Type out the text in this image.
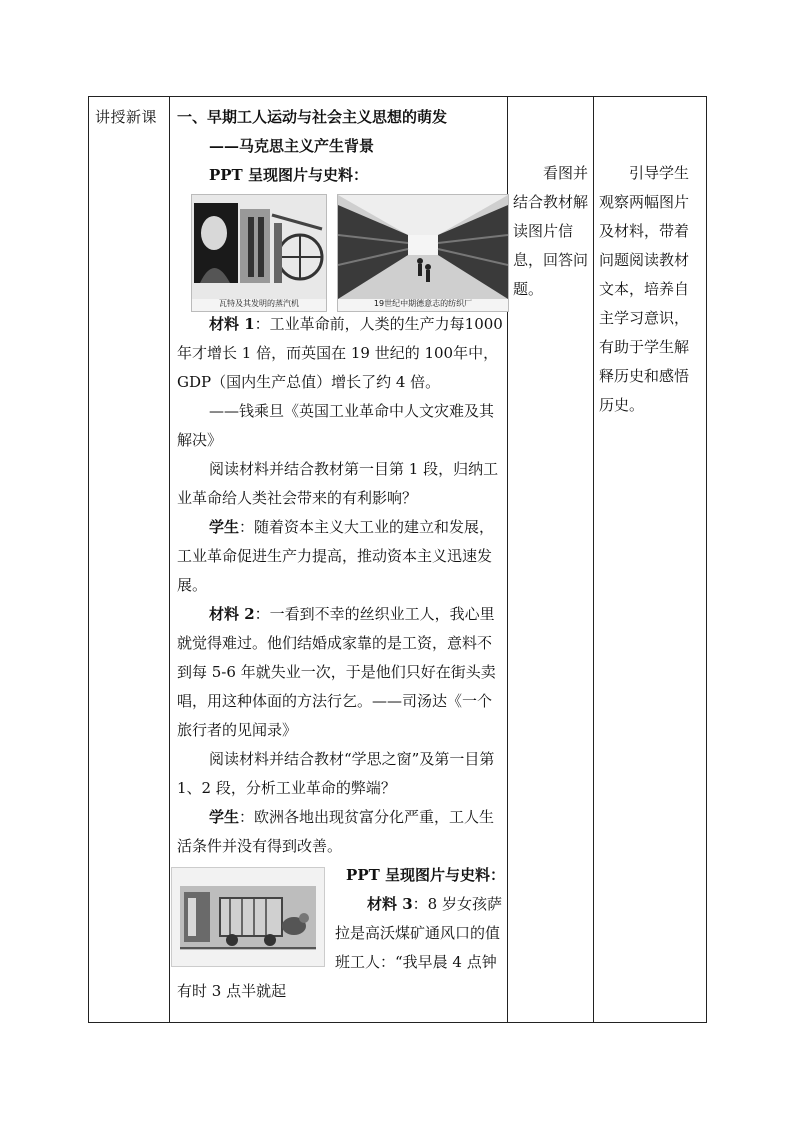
讲授新课 一、早期工人运动与社会主义思想的萌发

——马克思主义产生背景

PPT 呈现图片与史料：

瓦特及其发明的蒸汽机	19世纪中期德意志的纺织厂

材料 1：工业革命前，人类的生产力每1000 年才增长 1 倍，而英国在 19 世纪的 100年中，GDP（国内生产总值）增长了约 4 倍。

——钱乘旦《英国工业革命中人文灾难及其解决》

阅读材料并结合教材第一目第 1 段，归纳工业革命给人类社会带来的有利影响？

学生：随着资本主义大工业的建立和发展，工业革命促进生产力提高，推动资本主义迅速发展。

材料 2：一看到不幸的丝织业工人，我心里就觉得难过。他们结婚成家靠的是工资，意料不到每 5-6 年就失业一次，于是他们只好在街头卖唱，用这种体面的方法行乞。——司汤达《一个旅行者的见闻录》

阅读材料并结合教材“学思之窗”及第一目第 1、2 段，分析工业革命的弊端？

学生：欧洲各地出现贫富分化严重，工人生活条件并没有得到改善。

PPT 呈现图片与史料：

材料 3：8 岁女孩萨拉是高沃煤矿通风口的值班工人：“我早晨 4 点钟有时 3 点半就起

看图并结合教材解读图片信息，回答问题。

引导学生观察两幅图片及材料，带着问题阅读教材文本，培养自主学习意识，有助于学生解释历史和感悟历史。
